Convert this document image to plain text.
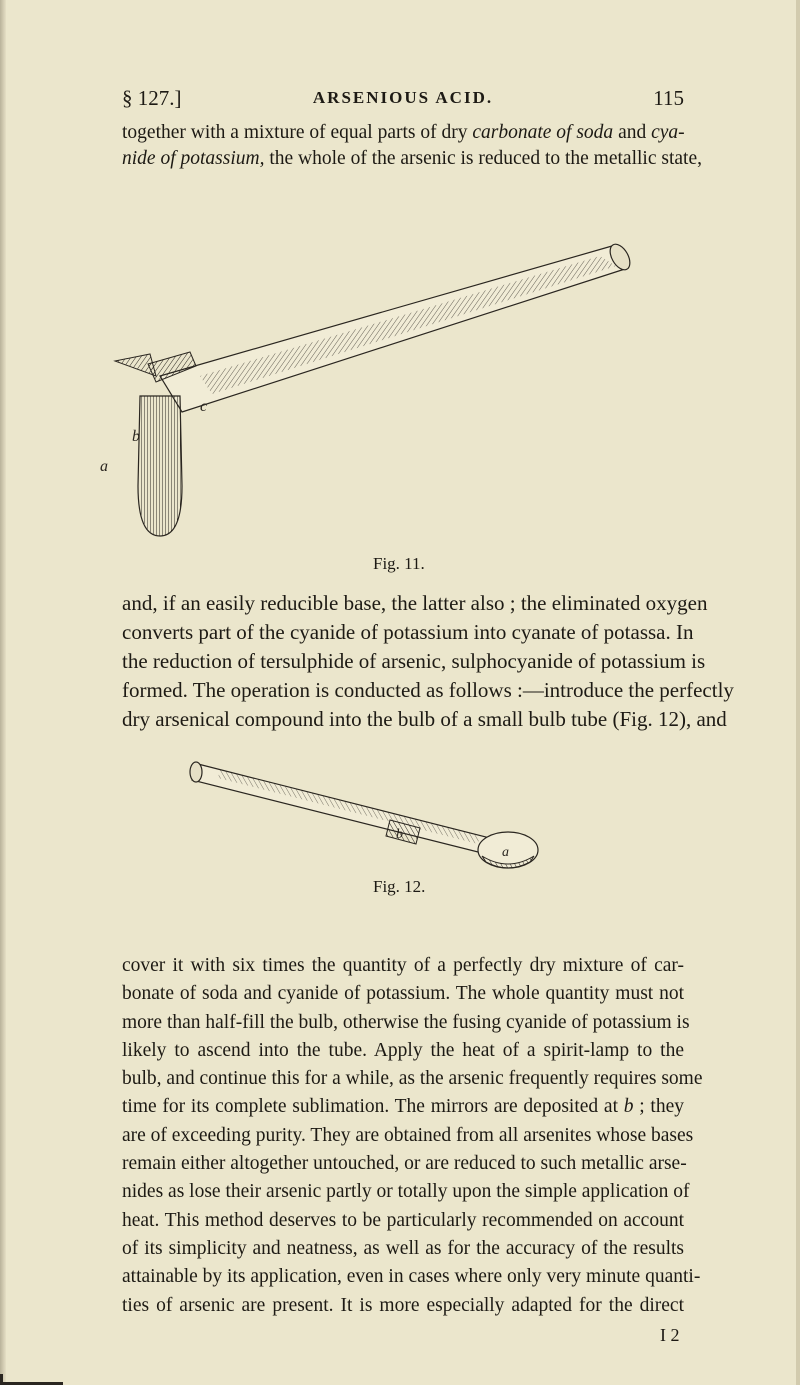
§ 127.]	ARSENIOUS ACID.	115

together with a mixture of equal parts of dry carbonate of soda and cya-
nide of potassium, the whole of the arsenic is reduced to the metallic state,

a
b
c
Fig. 11.

and, if an easily reducible base, the latter also ; the eliminated oxygen
converts part of the cyanide of potassium into cyanate of potassa. In
the reduction of tersulphide of arsenic, sulphocyanide of potassium is
formed. The operation is conducted as follows :—introduce the perfectly
dry arsenical compound into the bulb of a small bulb tube (Fig. 12), and

b
a
Fig. 12.

cover it with six times the quantity of a perfectly dry mixture of car-
bonate of soda and cyanide of potassium. The whole quantity must not
more than half-fill the bulb, otherwise the fusing cyanide of potassium is
likely to ascend into the tube. Apply the heat of a spirit-lamp to the
bulb, and continue this for a while, as the arsenic frequently requires some
time for its complete sublimation. The mirrors are deposited at b ; they
are of exceeding purity. They are obtained from all arsenites whose bases
remain either altogether untouched, or are reduced to such metallic arse-
nides as lose their arsenic partly or totally upon the simple application of
heat. This method deserves to be particularly recommended on account
of its simplicity and neatness, as well as for the accuracy of the results
attainable by its application, even in cases where only very minute quanti-
ties of arsenic are present. It is more especially adapted for the direct

I 2
